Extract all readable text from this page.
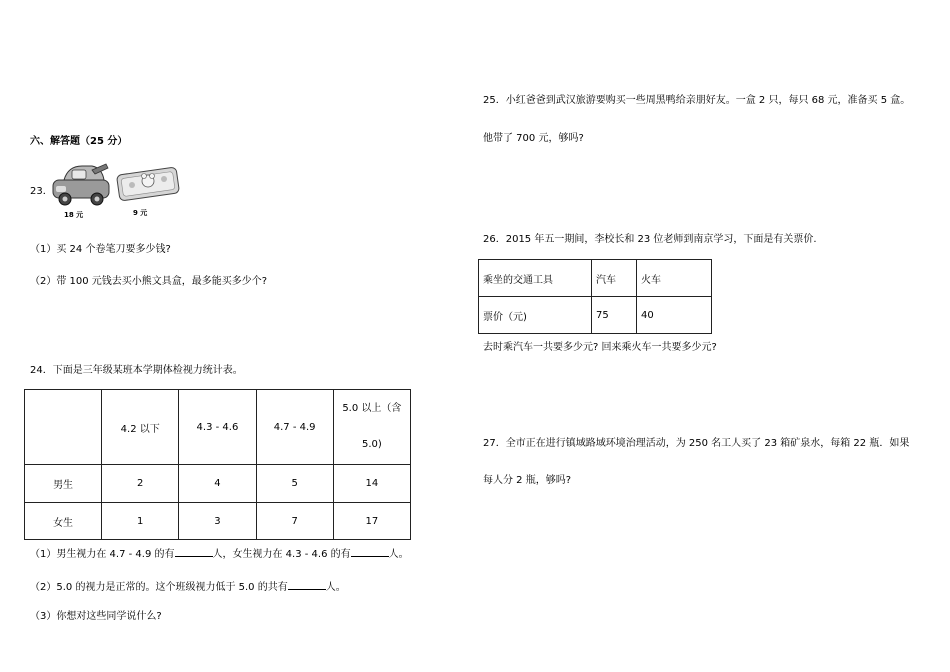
六、解答题（25 分）
23．
18 元	9 元
（1）买 24 个卷笔刀要多少钱?
（2）带 100 元钱去买小熊文具盒，最多能买多少个?
24．下面是三年级某班本学期体检视力统计表。
	4.2 以下	4.3 - 4.6	4.7 - 4.9	5.0 以上（含
5.0)
男生	2	4	5	14
女生	1	3	7	17
（1）男生视力在 4.7 - 4.9 的有	人，女生视力在 4.3 - 4.6 的有	人。
（2）5.0 的视力是正常的。这个班级视力低于 5.0 的共有	人。
（3）你想对这些同学说什么?
25．小红爸爸到武汉旅游要购买一些周黑鸭给亲朋好友。一盒 2 只，每只 68 元，准备买 5 盒。
他带了 700 元，够吗?
26．2015 年五一期间，李校长和 23 位老师到南京学习，下面是有关票价.
乘坐的交通工具	汽车	火车
票价（元)	75	40
去时乘汽车一共要多少元? 回来乘火车一共要多少元?
27．全市正在进行镇域路域环境治理活动，为 250 名工人买了 23 箱矿泉水，每箱 22 瓶．如果
每人分 2 瓶，够吗?
